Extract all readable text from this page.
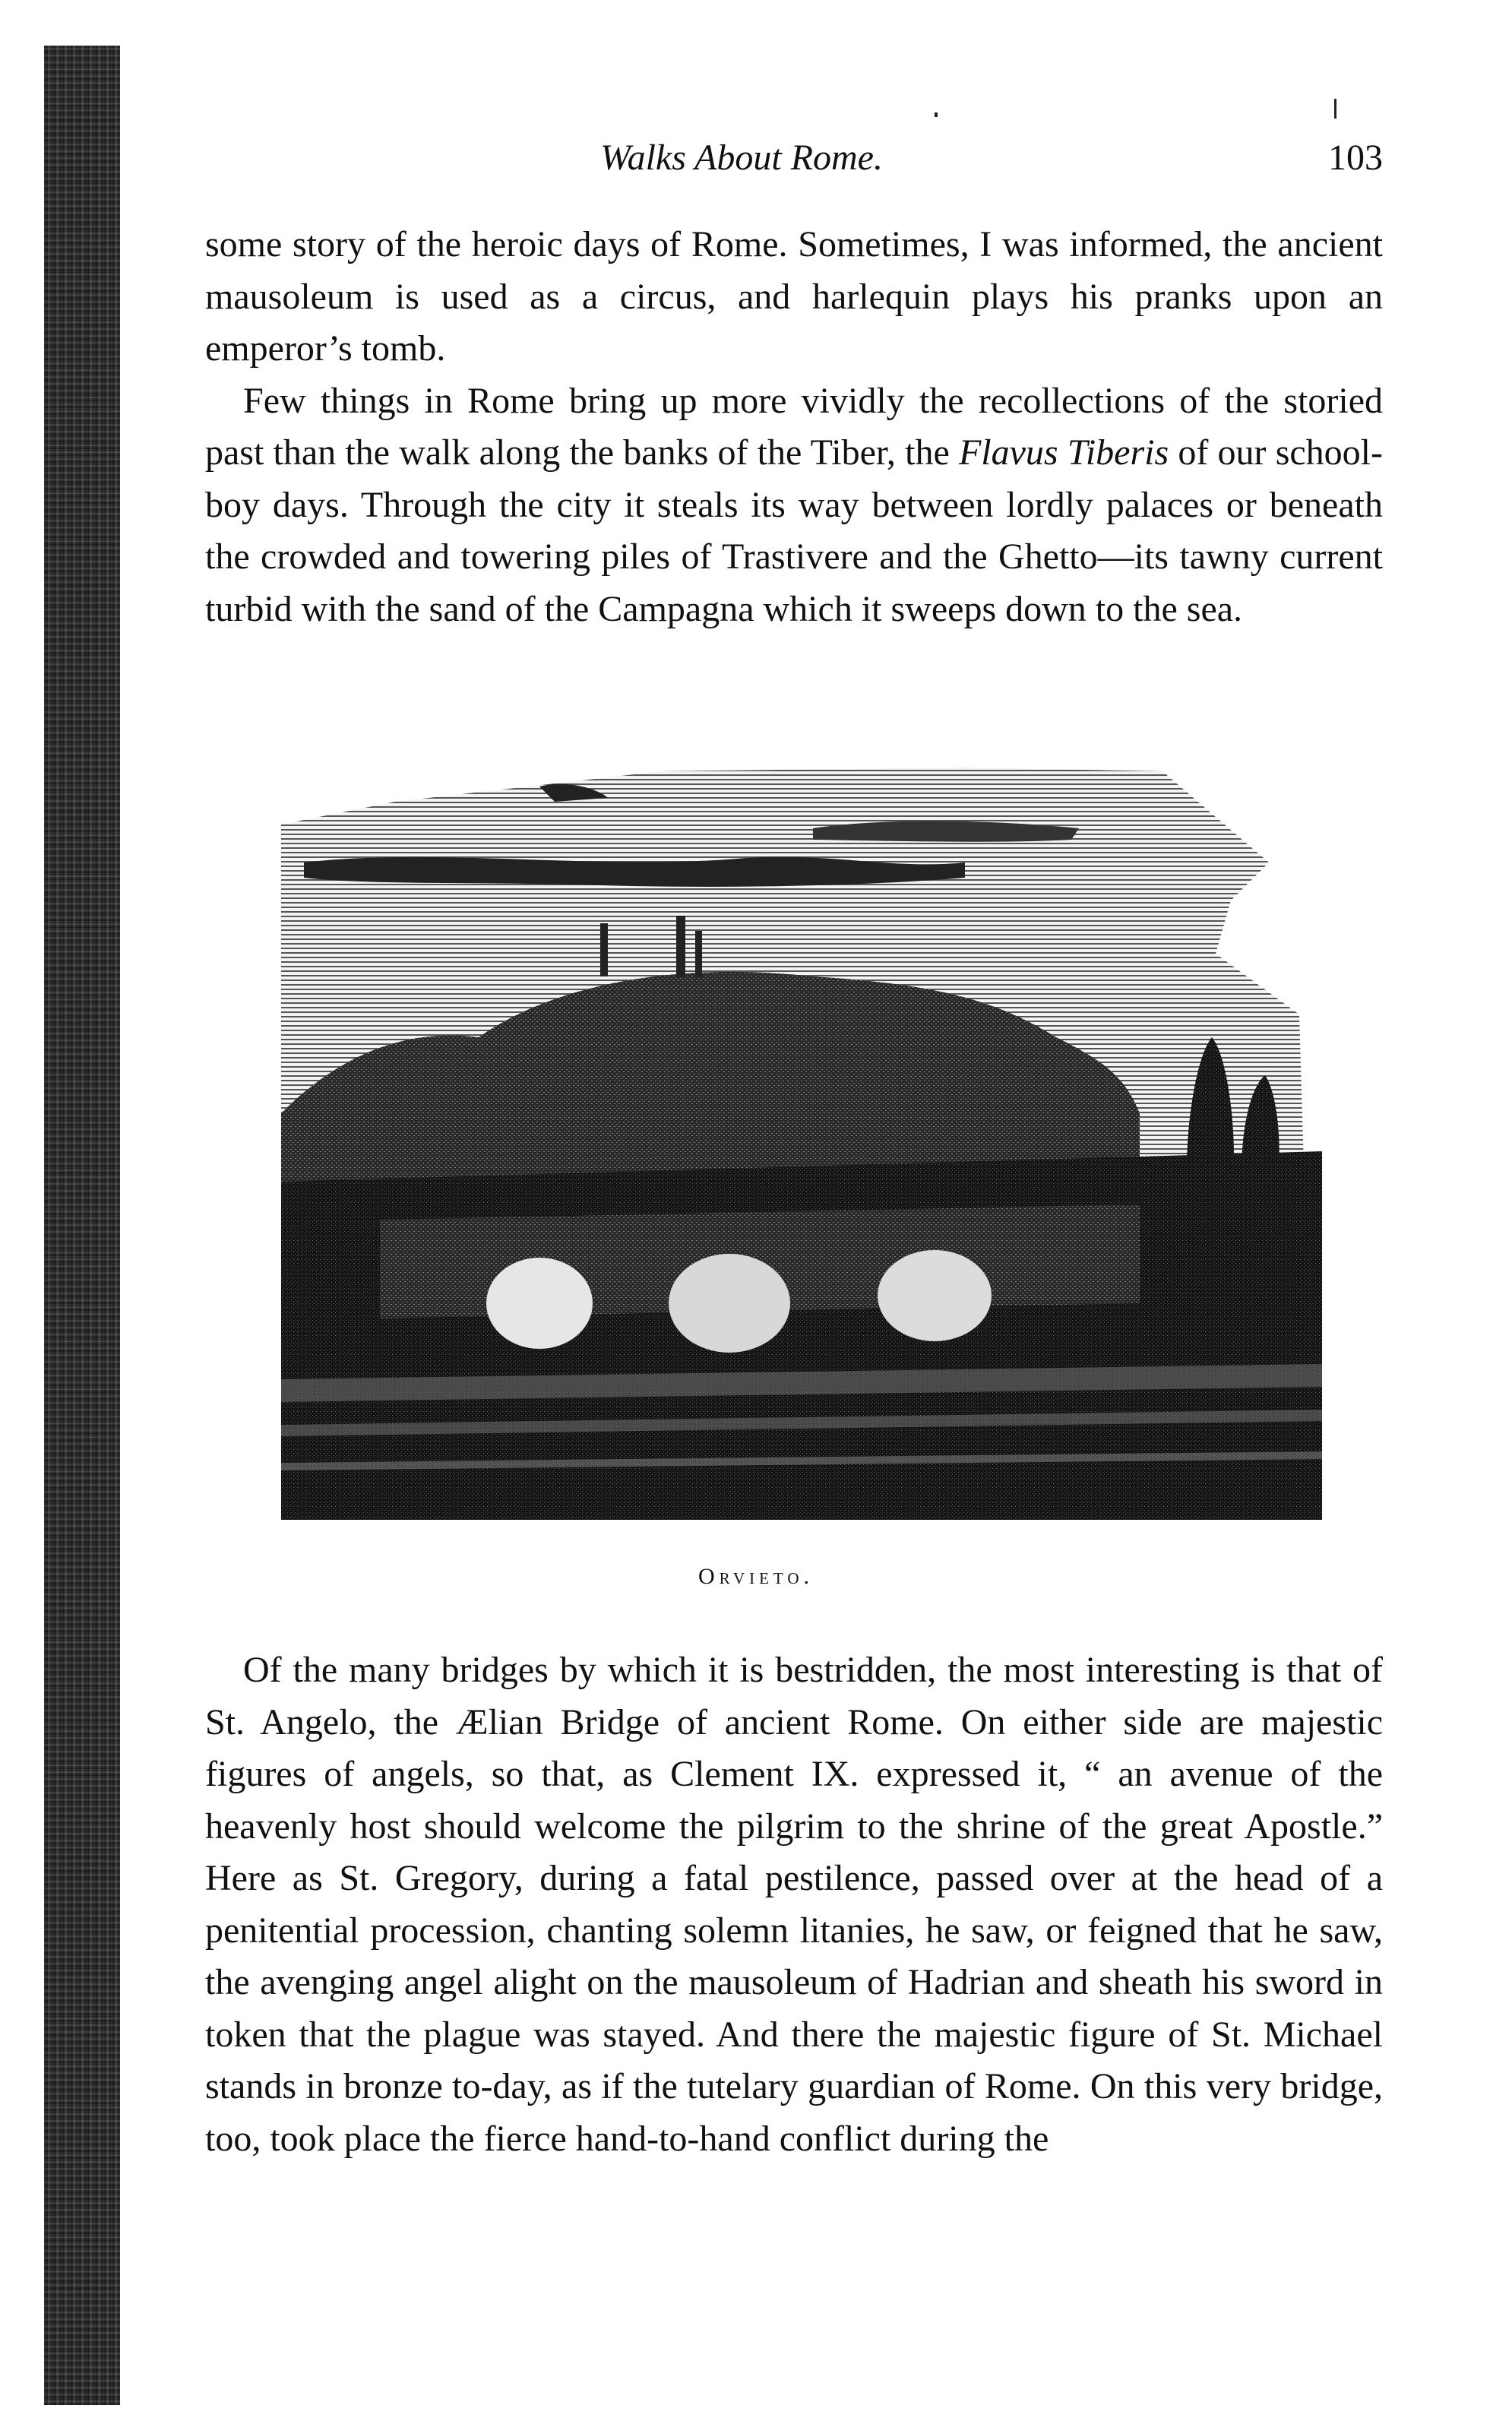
Walks About Rome.	103

some story of the heroic days of Rome. Sometimes, I was informed, the ancient mausoleum is used as a circus, and harlequin plays his pranks upon an emperor’s tomb.

Few things in Rome bring up more vividly the recollections of the storied past than the walk along the banks of the Tiber, the Flavus Tiberis of our school-boy days. Through the city it steals its way between lordly palaces or beneath the crowded and towering piles of Trastivere and the Ghetto—its tawny current turbid with the sand of the Campagna which it sweeps down to the sea.

Orvieto.

Of the many bridges by which it is bestridden, the most interesting is that of St. Angelo, the Ælian Bridge of ancient Rome. On either side are majestic figures of angels, so that, as Clement IX. expressed it, “ an avenue of the heavenly host should welcome the pilgrim to the shrine of the great Apostle.” Here as St. Gregory, during a fatal pestilence, passed over at the head of a penitential procession, chanting solemn litanies, he saw, or feigned that he saw, the avenging angel alight on the mausoleum of Hadrian and sheath his sword in token that the plague was stayed. And there the majestic figure of St. Michael stands in bronze to-day, as if the tutelary guardian of Rome. On this very bridge, too, took place the fierce hand-to-hand conflict during the
